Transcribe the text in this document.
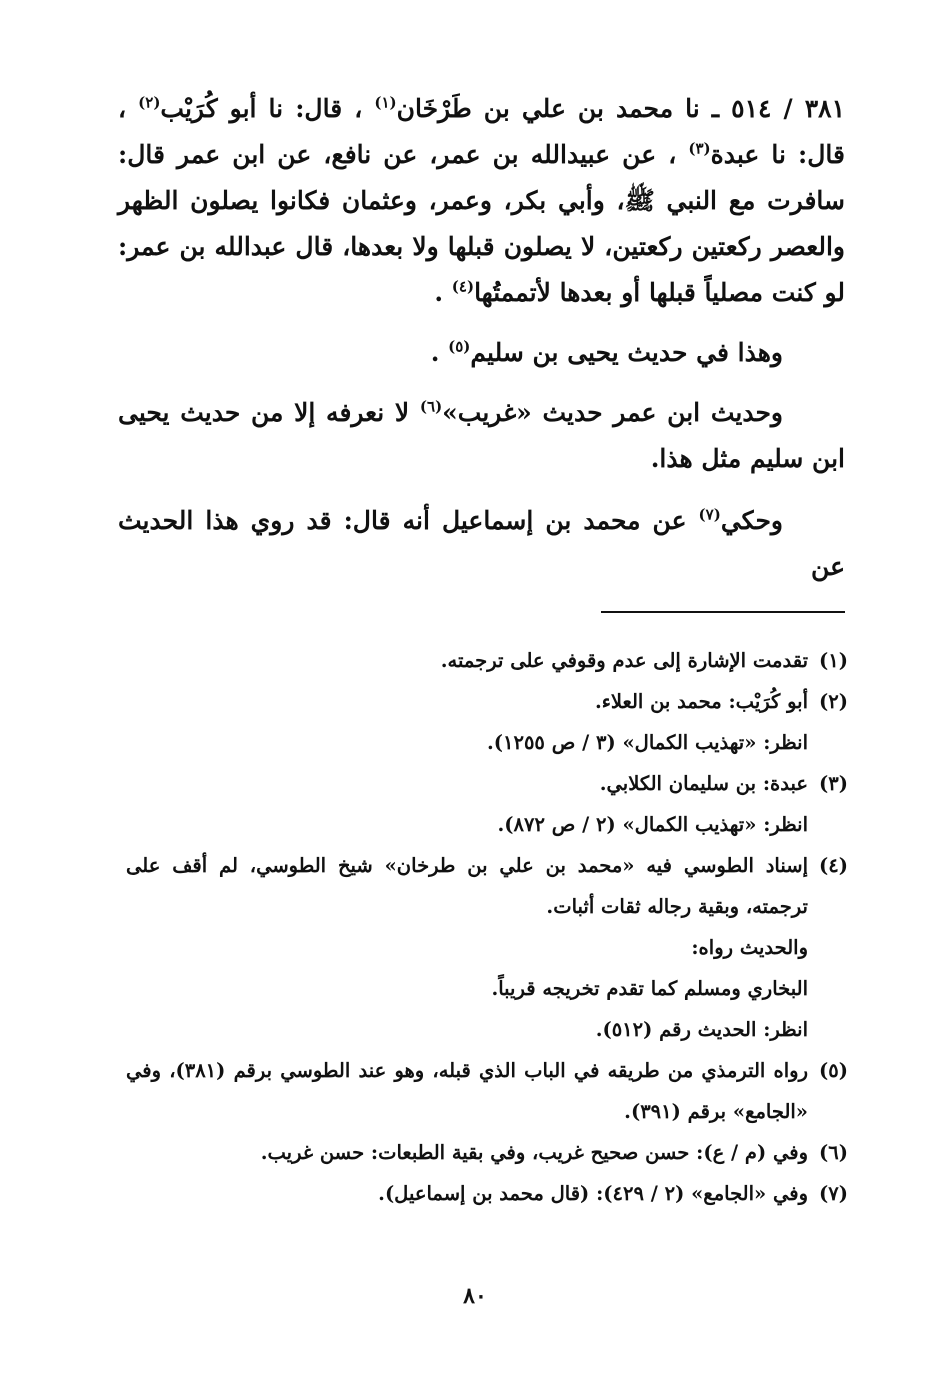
٣٨١ / ٥١٤ ـ نا محمد بن علي بن طَرْخَان$^{(١)}$ ، قال: نا أبو كُرَيْب$^{(٢)}$ ، قال: نا عبدة$^{(٣)}$ ، عن عبيدالله بن عمر، عن نافع، عن ابن عمر قال: سافرت مع النبي ﷺ، وأبي بكر، وعمر، وعثمان فكانوا يصلون الظهر والعصر ركعتين ركعتين، لا يصلون قبلها ولا بعدها، قال عبدالله بن عمر: لو كنت مصلياً قبلها أو بعدها لأتممتُها$^{(٤)}$ .

وهذا في حديث يحيى بن سليم$^{(٥)}$ .

وحديث ابن عمر حديث «غريب»$^{(٦)}$ لا نعرفه إلا من حديث يحيى ابن سليم مثل هذا.

وحكي$^{(٧)}$ عن محمد بن إسماعيل أنه قال: قد روي هذا الحديث عن

(١)
تقدمت الإشارة إلى عدم وقوفي على ترجمته.
(٢)
أبو كُرَيْب: محمد بن العلاء.
انظر: «تهذيب الكمال» (٣ / ص ١٢٥٥).
(٣)
عبدة: بن سليمان الكلابي.
انظر: «تهذيب الكمال» (٢ / ص ٨٧٢).
(٤)
إسناد الطوسي فيه «محمد بن علي بن طرخان» شيخ الطوسي، لم أقف على ترجمته، وبقية رجاله ثقات أثبات.
والحديث رواه:
البخاري ومسلم كما تقدم تخريجه قريباً.
انظر: الحديث رقم (٥١٢).
(٥)
رواه الترمذي من طريقه في الباب الذي قبله، وهو عند الطوسي برقم (٣٨١)، وفي «الجامع» برقم (٣٩١).
(٦)
وفي (م / ع): حسن صحيح غريب، وفي بقية الطبعات: حسن غريب.
(٧)
وفي «الجامع» (٢ / ٤٢٩): (قال محمد بن إسماعيل).
٨٠
